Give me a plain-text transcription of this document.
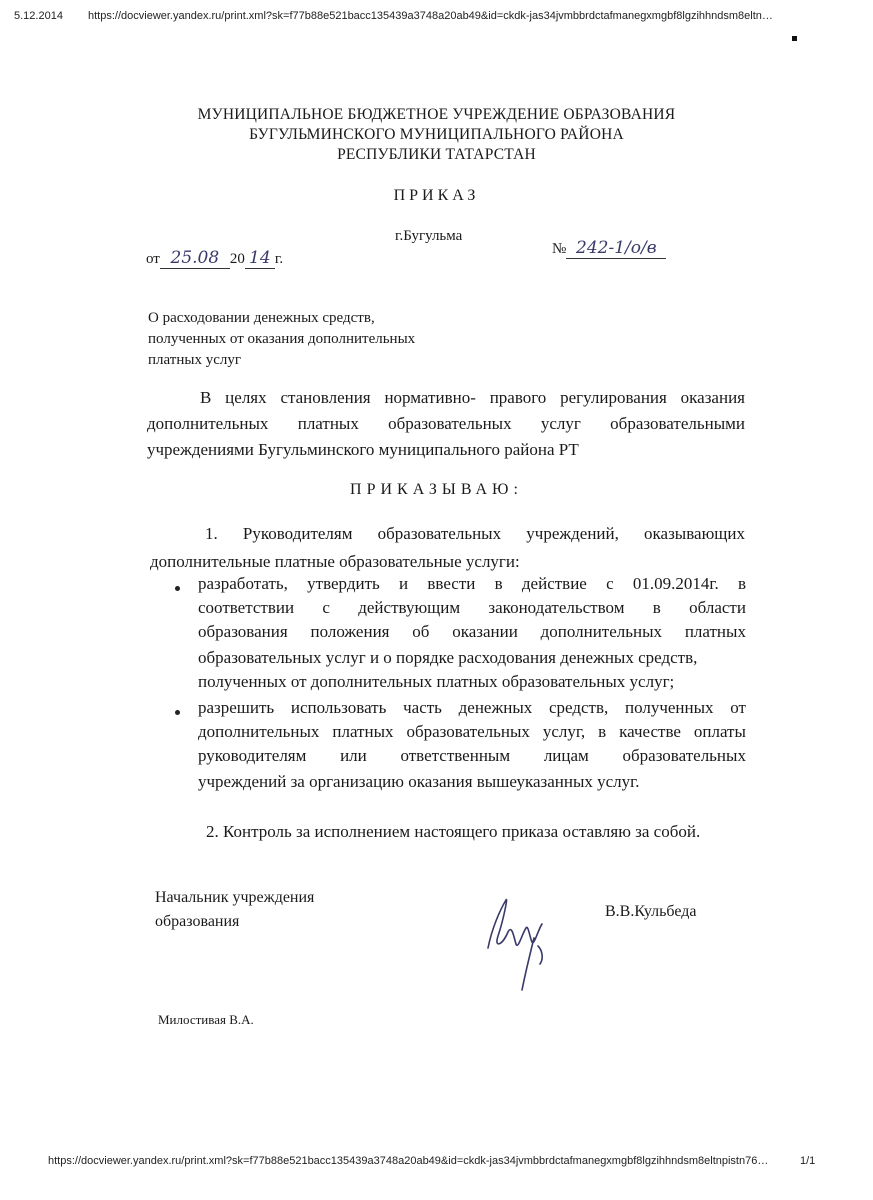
5.12.2014 https://docviewer.yandex.ru/print.xml?sk=f77b88e521bacc135439a3748a20ab49&id=ckdk-jas34jvmbbrdctafmanegxmgbf8lgzihhndsm8eltn…
МУНИЦИПАЛЬНОЕ БЮДЖЕТНОЕ УЧРЕЖДЕНИЕ ОБРАЗОВАНИЯ
БУГУЛЬМИНСКОГО МУНИЦИПАЛЬНОГО РАЙОНА
РЕСПУБЛИКИ ТАТАРСТАН
ПРИКАЗ
г.Бугульма
от 25.08 20 14 г.
№ 242-1/о/в
О расходовании денежных средств,
полученных от оказания дополнительных
платных услуг
В целях становления нормативно- правого регулирования оказания
дополнительных платных образовательных услуг образовательными
учреждениями Бугульминского муниципального района РТ
ПРИКАЗЫВАЮ:
1. Руководителям образовательных учреждений, оказывающих
дополнительные платные образовательные услуги:
разработать, утвердить и ввести в действие с 01.09.2014г. в
соответствии с действующим законодательством в области
образования положения об оказании дополнительных платных
образовательных услуг и о порядке расходования денежных средств,
полученных от дополнительных платных образовательных услуг;
разрешить использовать часть денежных средств, полученных от
дополнительных платных образовательных услуг, в качестве оплаты
руководителям или ответственным лицам образовательных
учреждений за организацию оказания вышеуказанных услуг.
2. Контроль за исполнением настоящего приказа оставляю за собой.
Начальник учреждения
образования
В.В.Кульбеда
Милостивая В.А.
https://docviewer.yandex.ru/print.xml?sk=f77b88e521bacc135439a3748a20ab49&id=ckdk-jas34jvmbbrdctafmanegxmgbf8lgzihhndsm8eltnpistn76…	1/1
